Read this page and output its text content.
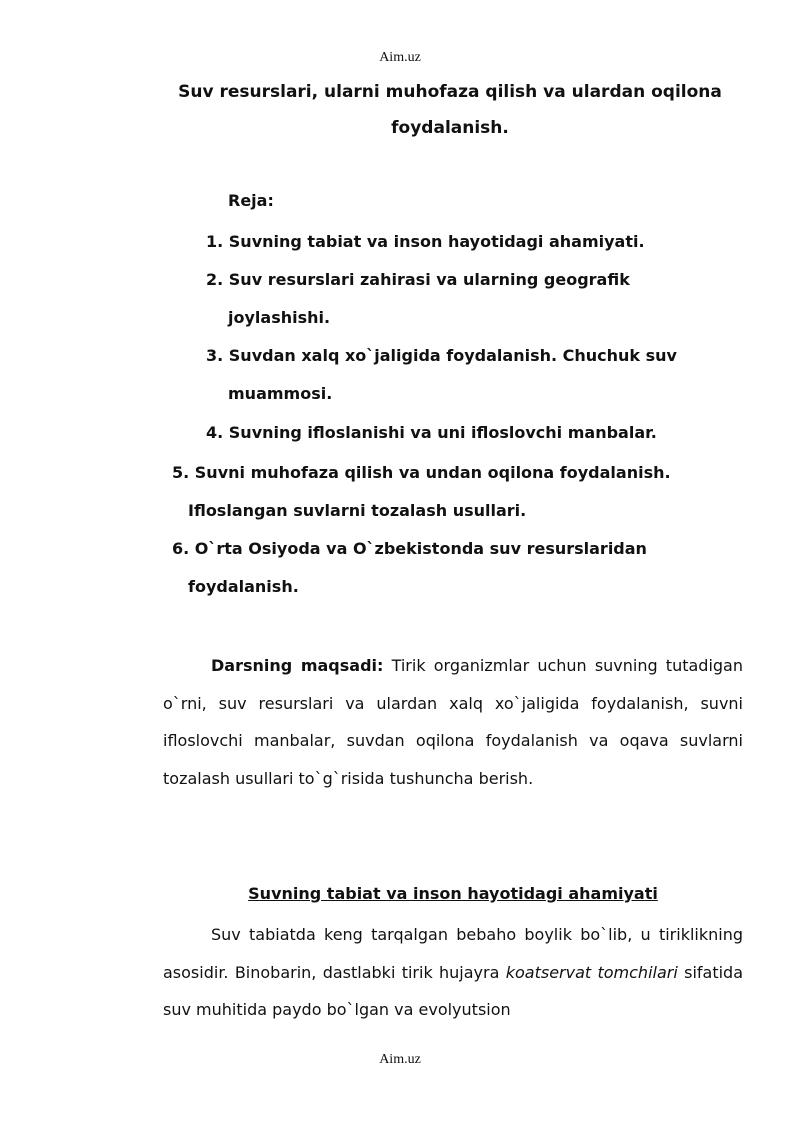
Aim.uz
Suv resurslari, ularni muhofaza qilish va ulardan oqilona foydalanish.
Reja:
1. Suvning tabiat va inson hayotidagi ahamiyati.
2. Suv resurslari zahirasi va ularning geografik
joylashishi.
3. Suvdan xalq xo`jaligida foydalanish. Chuchuk suv
muammosi.
4. Suvning ifloslanishi va uni ifloslovchi manbalar.
5. Suvni muhofaza qilish va undan oqilona foydalanish.
Ifloslangan suvlarni tozalash usullari.
6. O`rta Osiyoda va O`zbekistonda suv resurslaridan
foydalanish.
Darsning maqsadi: Tirik organizmlar uchun suvning tutadigan o`rni, suv resurslari va ulardan xalq xo`jaligida foydalanish, suvni ifloslovchi manbalar, suvdan oqilona foydalanish va oqava suvlarni tozalash usullari to`g`risida tushuncha berish.
Suvning tabiat va inson hayotidagi ahamiyati
Suv tabiatda keng tarqalgan bebaho boylik bo`lib, u tiriklikning asosidir. Binobarin, dastlabki tirik hujayra koatservat tomchilari sifatida suv muhitida paydo bo`lgan va evolyutsion
Aim.uz
